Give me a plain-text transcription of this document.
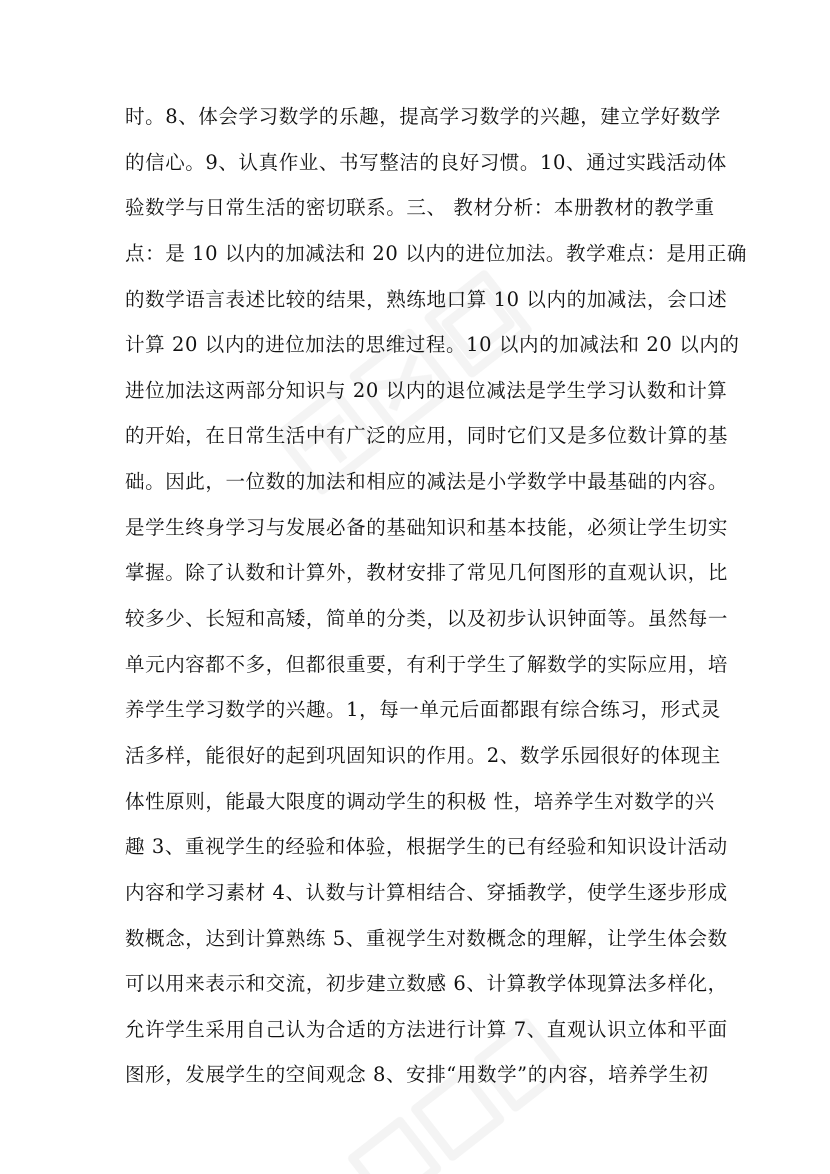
时。8、体会学习数学的乐趣，提高学习数学的兴趣，建立学好数学
的信心。9、认真作业、书写整洁的良好习惯。10、通过实践活动体
验数学与日常生活的密切联系。三、 教材分析：本册教材的教学重
点：是 10 以内的加减法和 20 以内的进位加法。教学难点：是用正确
的数学语言表述比较的结果，熟练地口算 10 以内的加减法，会口述
计算 20 以内的进位加法的思维过程。10 以内的加减法和 20 以内的
进位加法这两部分知识与 20 以内的退位减法是学生学习认数和计算
的开始，在日常生活中有广泛的应用，同时它们又是多位数计算的基
础。因此，一位数的加法和相应的减法是小学数学中最基础的内容。
是学生终身学习与发展必备的基础知识和基本技能，必须让学生切实
掌握。除了认数和计算外，教材安排了常见几何图形的直观认识，比
较多少、长短和高矮，简单的分类，以及初步认识钟面等。虽然每一
单元内容都不多，但都很重要，有利于学生了解数学的实际应用，培
养学生学习数学的兴趣。1，每一单元后面都跟有综合练习，形式灵
活多样，能很好的起到巩固知识的作用。2、数学乐园很好的体现主
体性原则，能最大限度的调动学生的积极 性，培养学生对数学的兴
趣 3、重视学生的经验和体验，根据学生的已有经验和知识设计活动
内容和学习素材 4、认数与计算相结合、穿插教学，使学生逐步形成
数概念，达到计算熟练 5、重视学生对数概念的理解，让学生体会数
可以用来表示和交流，初步建立数感 6、计算教学体现算法多样化，
允许学生采用自己认为合适的方法进行计算 7、直观认识立体和平面
图形，发展学生的空间观念 8、安排“用数学”的内容，培养学生初
